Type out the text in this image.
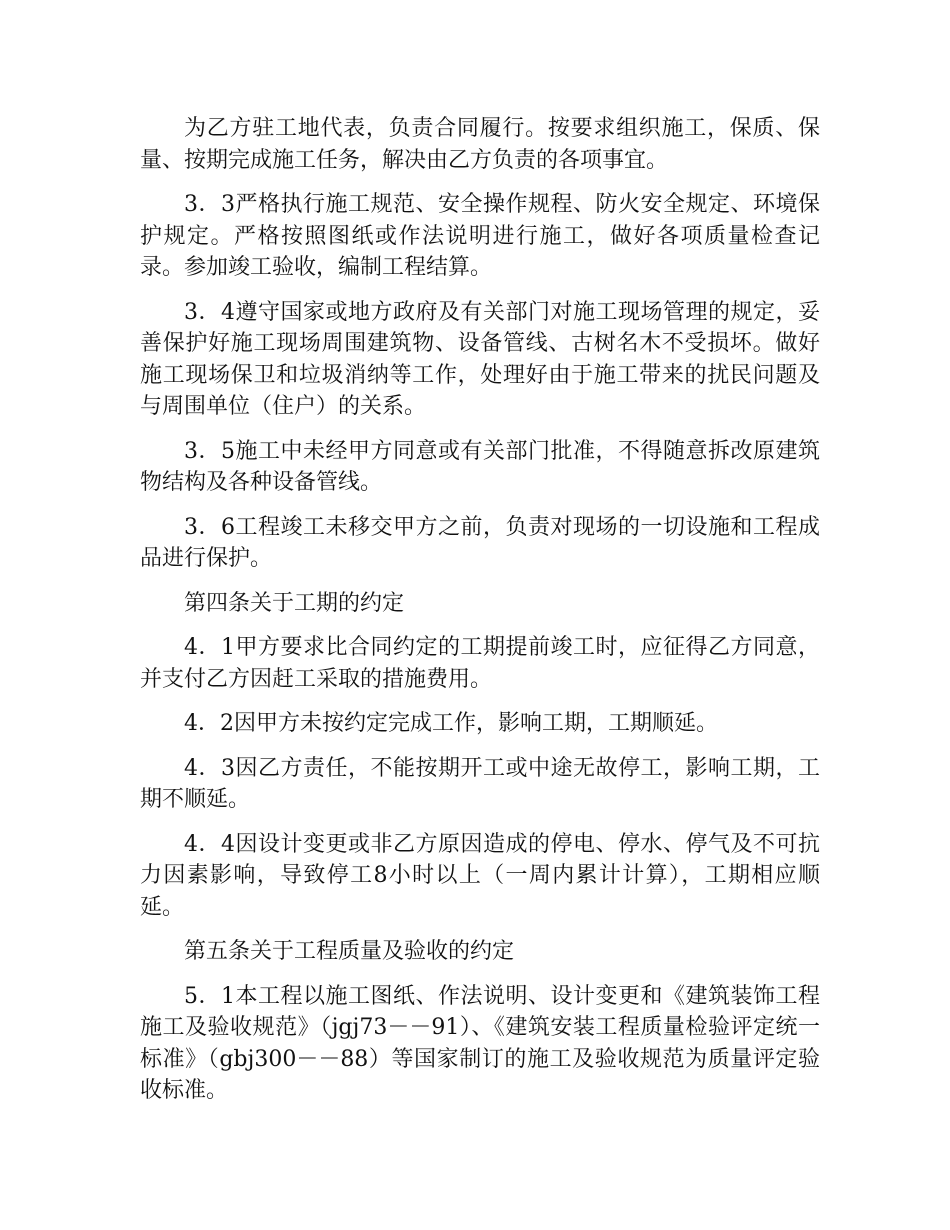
为乙方驻工地代表，负责合同履行。按要求组织施工，保质、保量、按期完成施工任务，解决由乙方负责的各项事宜。

3．3严格执行施工规范、安全操作规程、防火安全规定、环境保护规定。严格按照图纸或作法说明进行施工，做好各项质量检查记录。参加竣工验收，编制工程结算。

3．4遵守国家或地方政府及有关部门对施工现场管理的规定，妥善保护好施工现场周围建筑物、设备管线、古树名木不受损坏。做好施工现场保卫和垃圾消纳等工作，处理好由于施工带来的扰民问题及与周围单位（住户）的关系。

3．5施工中未经甲方同意或有关部门批准，不得随意拆改原建筑物结构及各种设备管线。

3．6工程竣工未移交甲方之前，负责对现场的一切设施和工程成品进行保护。

第四条关于工期的约定

4．1甲方要求比合同约定的工期提前竣工时，应征得乙方同意，并支付乙方因赶工采取的措施费用。

4．2因甲方未按约定完成工作，影响工期，工期顺延。

4．3因乙方责任，不能按期开工或中途无故停工，影响工期，工期不顺延。

4．4因设计变更或非乙方原因造成的停电、停水、停气及不可抗力因素影响，导致停工8小时以上（一周内累计计算），工期相应顺延。

第五条关于工程质量及验收的约定

5．1本工程以施工图纸、作法说明、设计变更和《建筑装饰工程施工及验收规范》（jgj73－－91）、《建筑安装工程质量检验评定统一标准》（gbj300－－88）等国家制订的施工及验收规范为质量评定验收标准。
